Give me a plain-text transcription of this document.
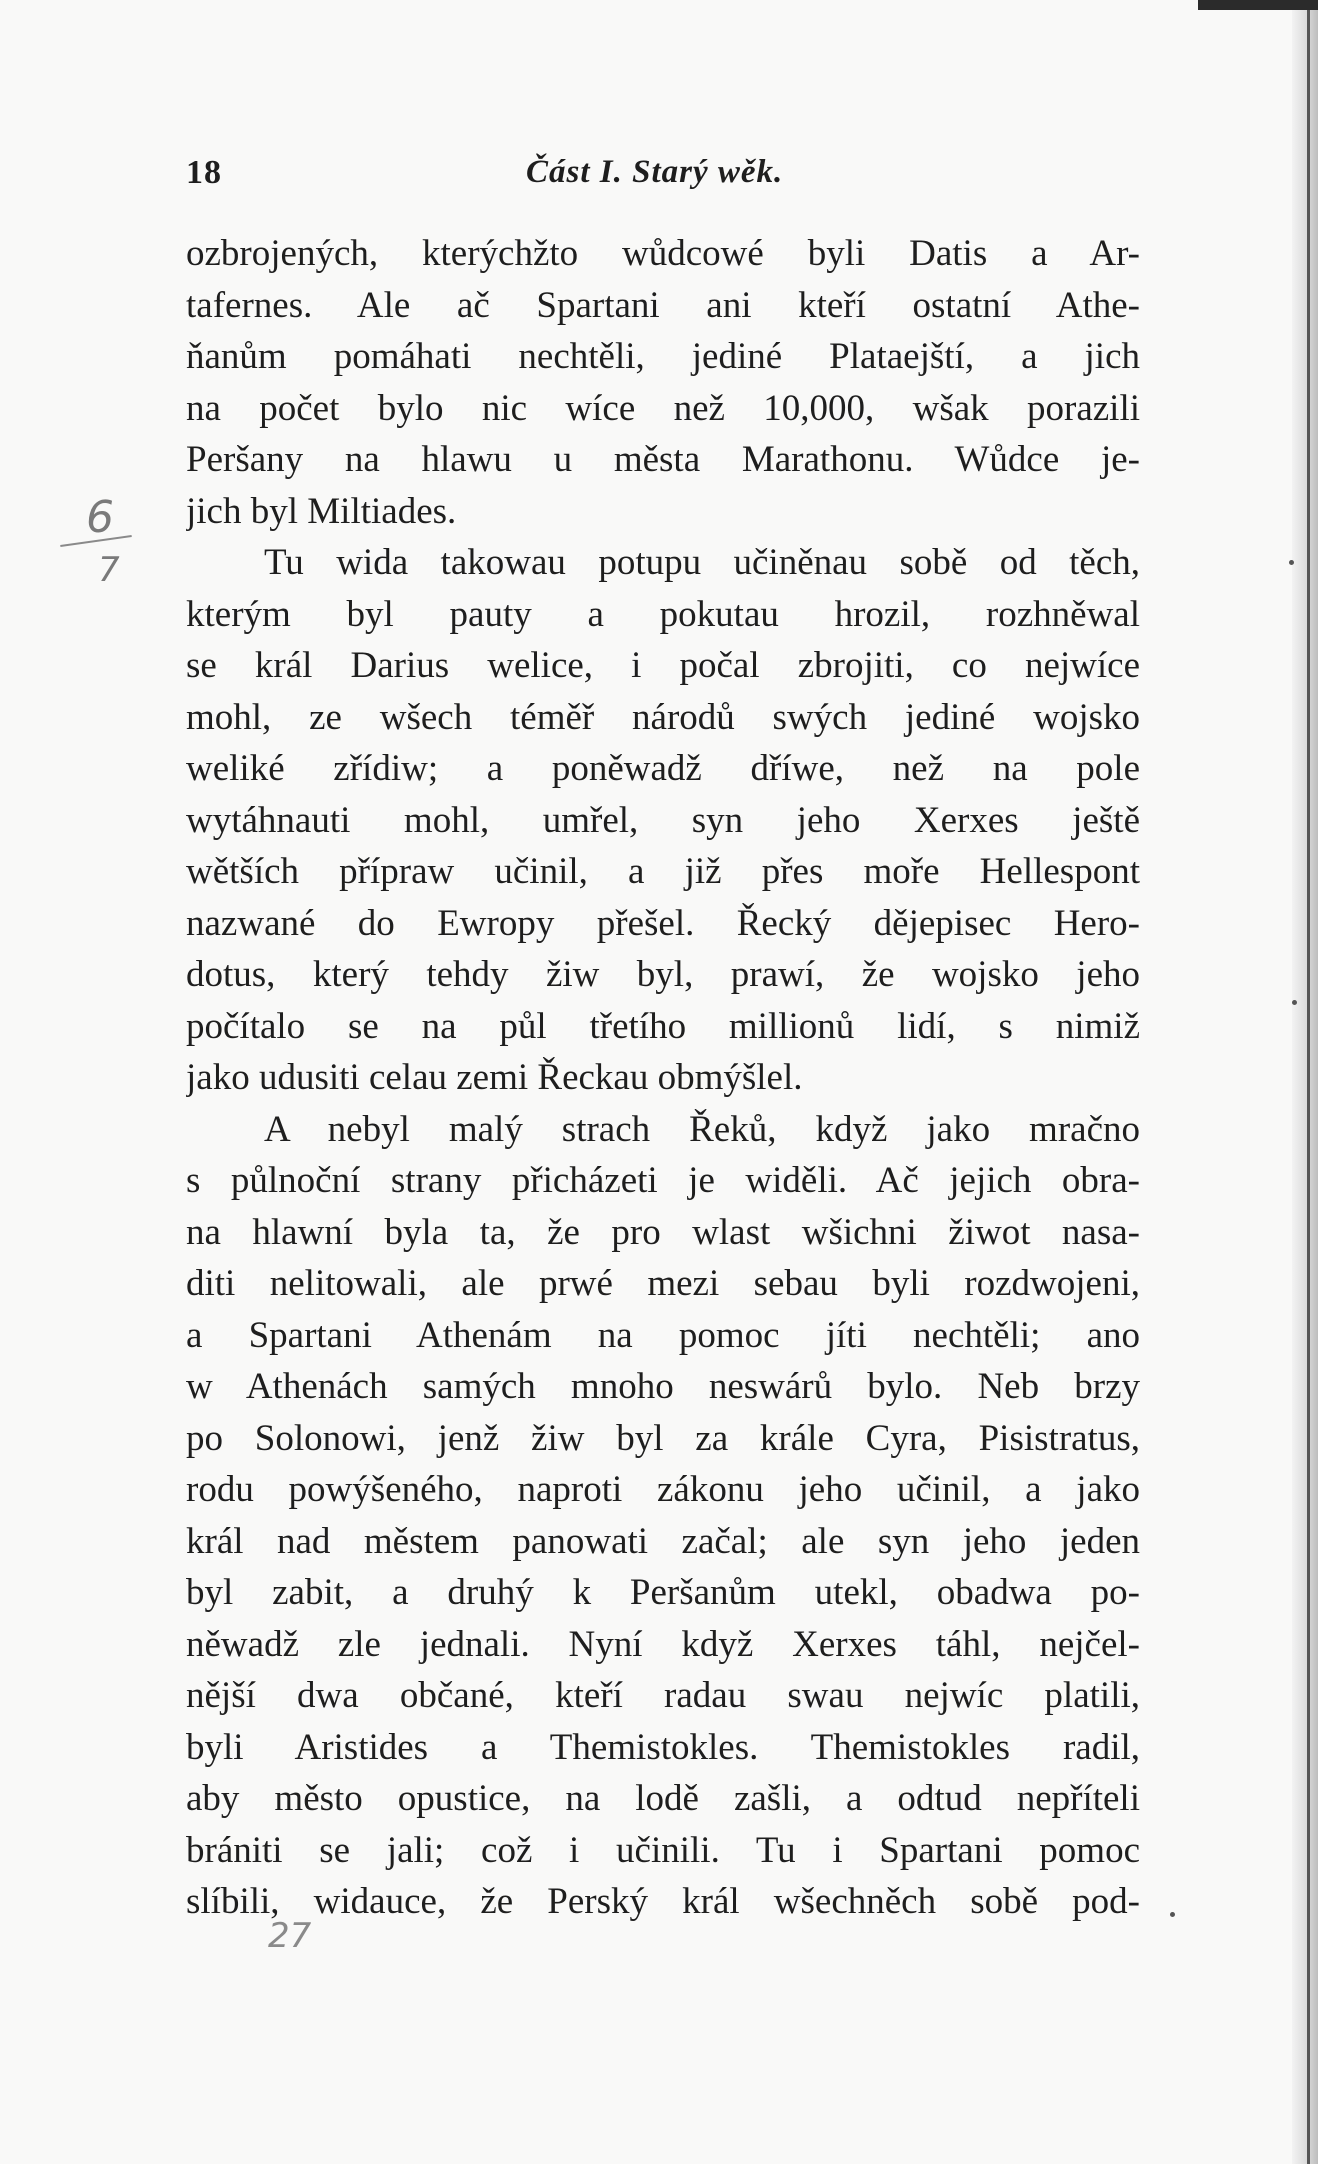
18	Část I. Starý wěk.
ozbrojených, kterýchžto wůdcowé byli Datis a Ar-
tafernes. Ale ač Spartani ani kteří ostatní Athe-
ňanům pomáhati nechtěli, jediné Plataejští, a jich
na počet bylo nic wíce než 10,000, wšak porazili
Peršany na hlawu u města Marathonu. Wůdce je-
jich byl Miltiades.
Tu wida takowau potupu učiněnau sobě od těch,
kterým byl pauty a pokutau hrozil, rozhněwal
se král Darius welice, i počal zbrojiti, co nejwíce
mohl, ze wšech téměř národů swých jediné wojsko
weliké zřídiw; a poněwadž dříwe, než na pole
wytáhnauti mohl, umřel, syn jeho Xerxes ještě
wětších přípraw učinil, a již přes moře Hellespont
nazwané do Ewropy přešel. Řecký dějepisec Hero-
dotus, který tehdy žiw byl, prawí, že wojsko jeho
počítalo se na půl třetího millionů lidí, s nimiž
jako udusiti celau zemi Řeckau obmýšlel.
A nebyl malý strach Řeků, když jako mračno
s půlnoční strany přicházeti je widěli. Ač jejich obra-
na hlawní byla ta, že pro wlast wšichni žiwot nasa-
diti nelitowali, ale prwé mezi sebau byli rozdwojeni,
a Spartani Athenám na pomoc jíti nechtěli; ano
w Athenách samých mnoho neswárů bylo. Neb brzy
po Solonowi, jenž žiw byl za krále Cyra, Pisistratus,
rodu powýšeného, naproti zákonu jeho učinil, a jako
král nad městem panowati začal; ale syn jeho jeden
byl zabit, a druhý k Peršanům utekl, obadwa po-
něwadž zle jednali. Nyní když Xerxes táhl, nejčel-
nější dwa občané, kteří radau swau nejwíc platili,
byli Aristides a Themistokles. Themistokles radil,
aby město opustice, na lodě zašli, a odtud nepříteli
brániti se jali; což i učinili. Tu i Spartani pomoc
slíbili, widauce, že Perský král wšechněch sobě pod-
6
7
27
